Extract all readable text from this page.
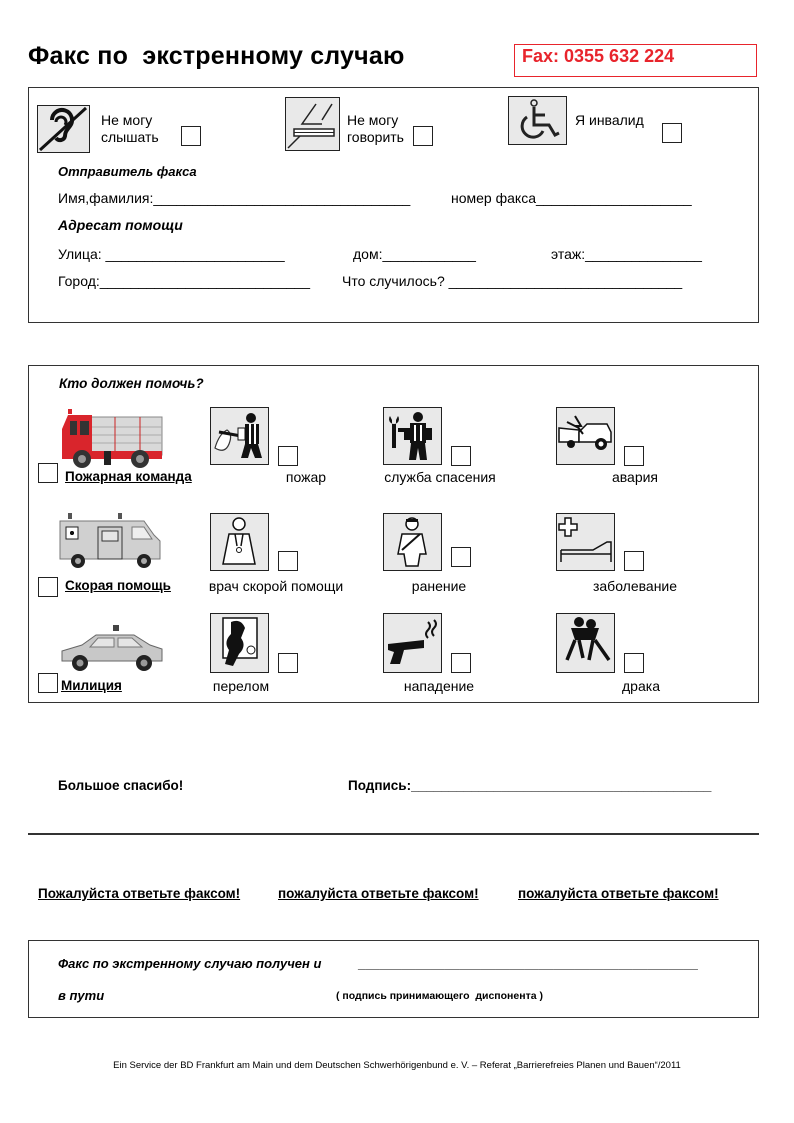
Факс по  экстренному случаю	Fax: 0355 632 224
Не могу
слышать
Не могу
говорить
Я инвалид
Отправитель факса
Имя,фамилия:_________________________________	номер факса____________________
Адресат помощи
Улица: _______________________	дом:____________	этаж:_______________
Город:___________________________ Что случилось? ______________________________
Кто должен помочь?
Пожарная команда	пожар	служба спасения	авария
Скорая помощь	врач скорой помощи	ранение	заболевание
Милиция	перелом	нападение	драка
Большое спасибо!	Подпись:________________________________________
Пожалуйста ответьте факсом!	пожалуйста ответьте факсом!	пожалуйста ответьте факсом!
Факс по экстренному случаю получен и	_______________________________________________
в пути	( подпись принимающего  диспонента )
Ein Service der BD Frankfurt am Main und dem Deutschen Schwerhörigenbund e. V. – Referat „Barrierefreies Planen und Bauen“/2011
